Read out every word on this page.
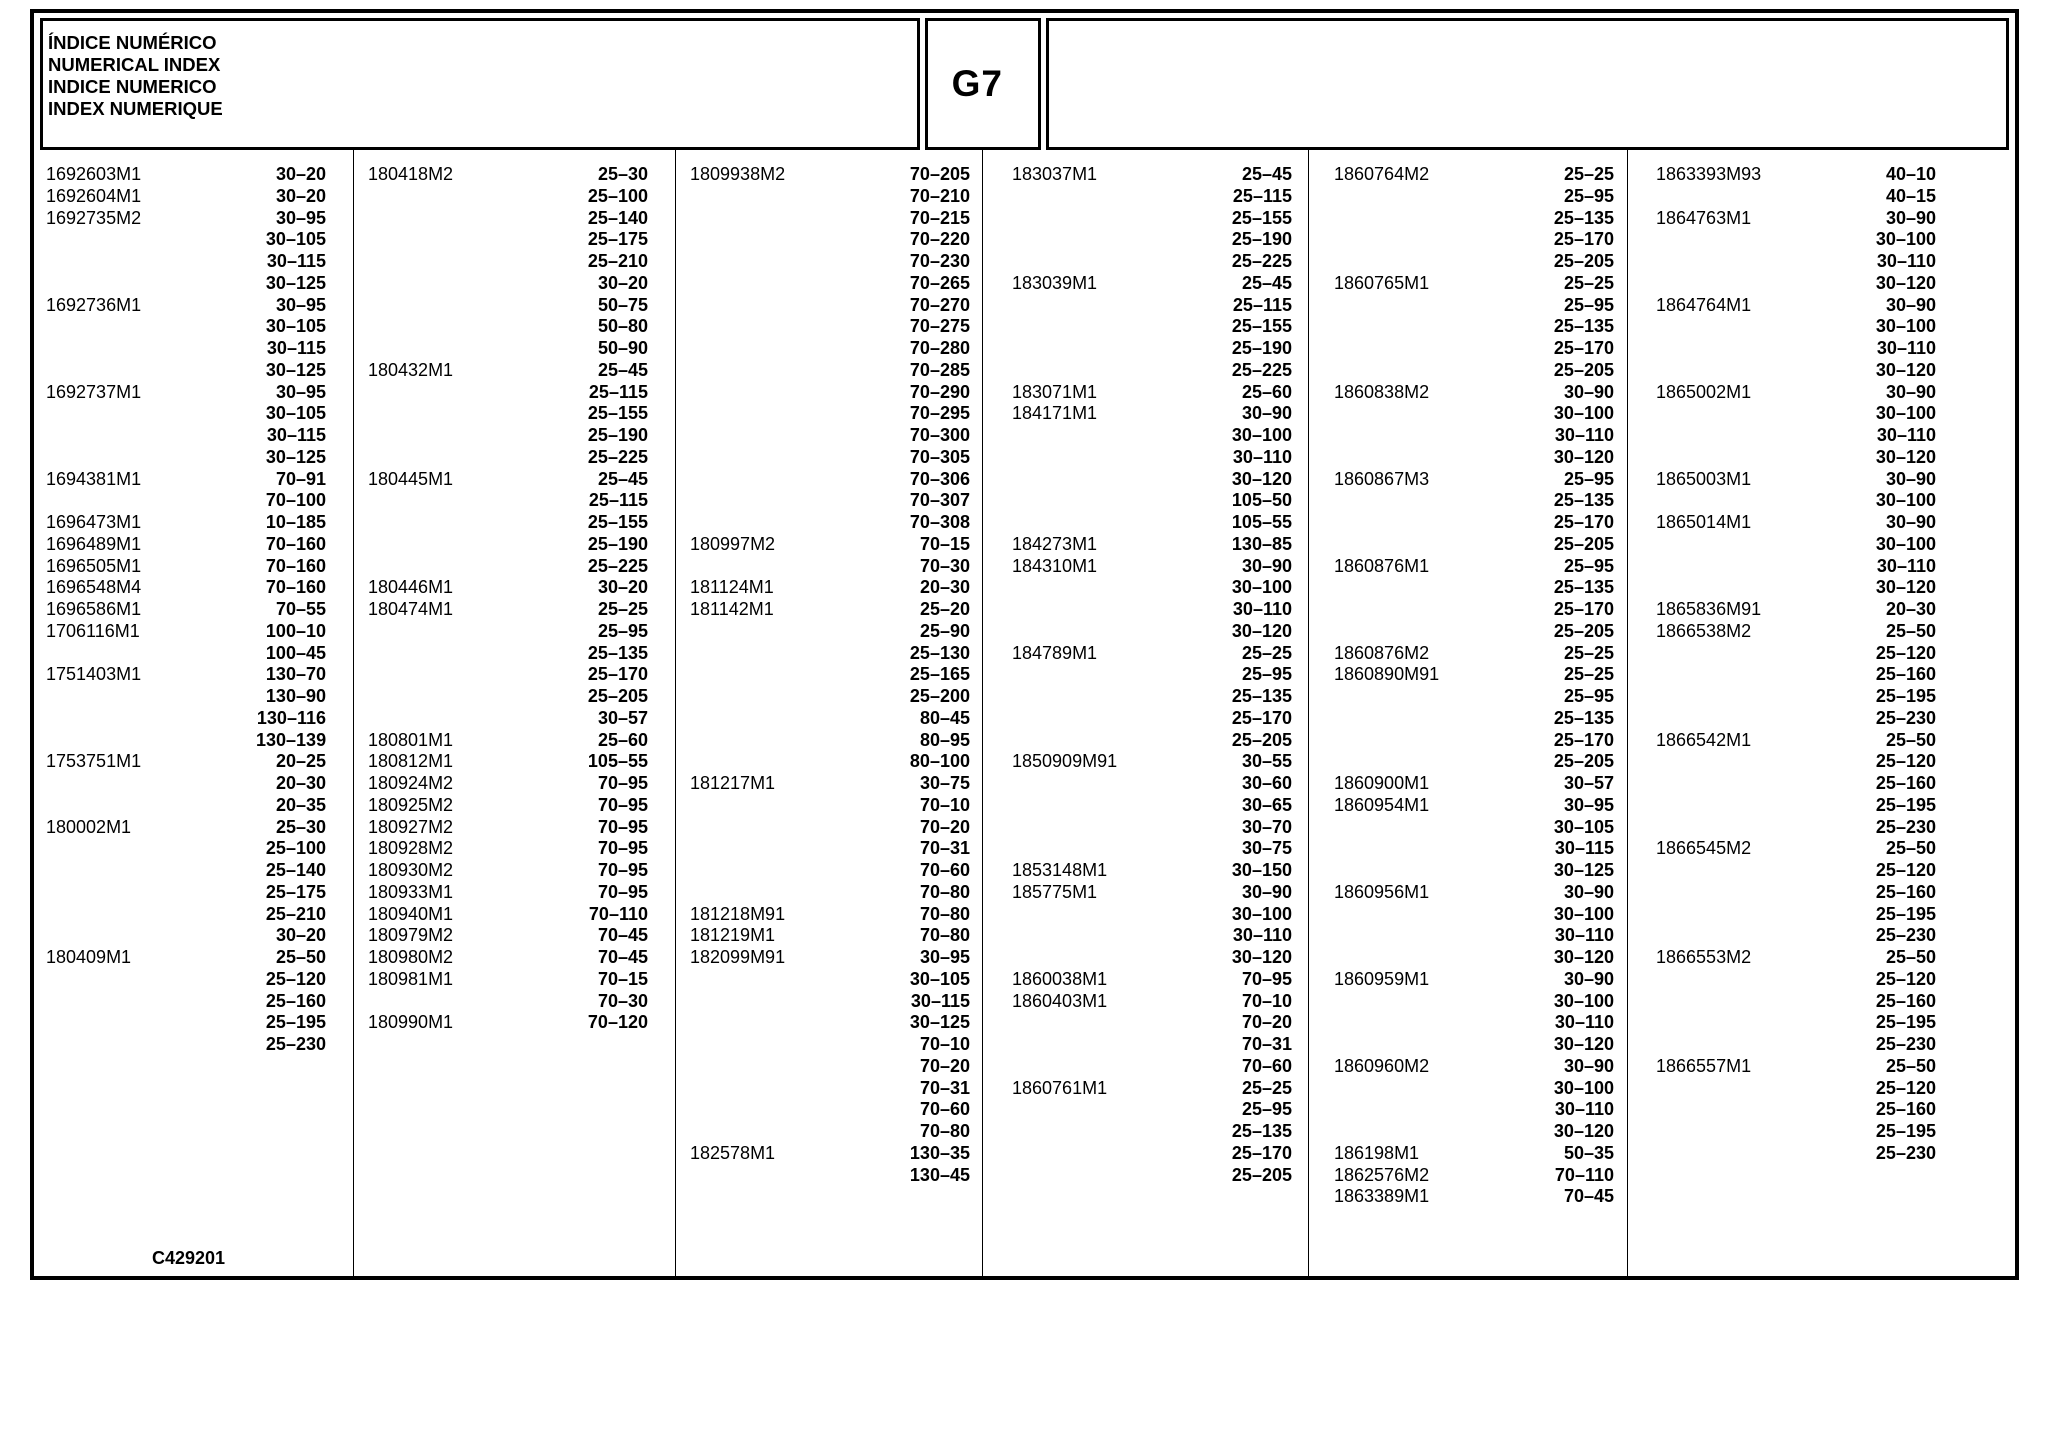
ÍNDICE NUMÉRICO
NUMERICAL INDEX
INDICE NUMERICO
INDEX NUMERIQUE
G7
1692603M1	30–20
1692604M1	30–20
1692735M2	30–95
30–105
30–115
30–125
1692736M1	30–95
30–105
30–115
30–125
1692737M1	30–95
30–105
30–115
30–125
1694381M1	70–91
70–100
1696473M1	10–185
1696489M1	70–160
1696505M1	70–160
1696548M4	70–160
1696586M1	70–55
1706116M1	100–10
100–45
1751403M1	130–70
130–90
130–116
130–139
1753751M1	20–25
20–30
20–35
180002M1	25–30
25–100
25–140
25–175
25–210
30–20
180409M1	25–50
25–120
25–160
25–195
25–230
180418M2	25–30
25–100
25–140
25–175
25–210
30–20
50–75
50–80
50–90
180432M1	25–45
25–115
25–155
25–190
25–225
180445M1	25–45
25–115
25–155
25–190
25–225
180446M1	30–20
180474M1	25–25
25–95
25–135
25–170
25–205
30–57
180801M1	25–60
180812M1	105–55
180924M2	70–95
180925M2	70–95
180927M2	70–95
180928M2	70–95
180930M2	70–95
180933M1	70–95
180940M1	70–110
180979M2	70–45
180980M2	70–45
180981M1	70–15
70–30
180990M1	70–120
1809938M2	70–205
70–210
70–215
70–220
70–230
70–265
70–270
70–275
70–280
70–285
70–290
70–295
70–300
70–305
70–306
70–307
70–308
180997M2	70–15
70–30
181124M1	20–30
181142M1	25–20
25–90
25–130
25–165
25–200
80–45
80–95
80–100
181217M1	30–75
70–10
70–20
70–31
70–60
70–80
181218M91	70–80
181219M1	70–80
182099M91	30–95
30–105
30–115
30–125
70–10
70–20
70–31
70–60
70–80
182578M1	130–35
130–45
183037M1	25–45
25–115
25–155
25–190
25–225
183039M1	25–45
25–115
25–155
25–190
25–225
183071M1	25–60
184171M1	30–90
30–100
30–110
30–120
105–50
105–55
184273M1	130–85
184310M1	30–90
30–100
30–110
30–120
184789M1	25–25
25–95
25–135
25–170
25–205
1850909M91	30–55
30–60
30–65
30–70
30–75
1853148M1	30–150
185775M1	30–90
30–100
30–110
30–120
1860038M1	70–95
1860403M1	70–10
70–20
70–31
70–60
1860761M1	25–25
25–95
25–135
25–170
25–205
1860764M2	25–25
25–95
25–135
25–170
25–205
1860765M1	25–25
25–95
25–135
25–170
25–205
1860838M2	30–90
30–100
30–110
30–120
1860867M3	25–95
25–135
25–170
25–205
1860876M1	25–95
25–135
25–170
25–205
1860876M2	25–25
1860890M91	25–25
25–95
25–135
25–170
25–205
1860900M1	30–57
1860954M1	30–95
30–105
30–115
30–125
1860956M1	30–90
30–100
30–110
30–120
1860959M1	30–90
30–100
30–110
30–120
1860960M2	30–90
30–100
30–110
30–120
186198M1	50–35
1862576M2	70–110
1863389M1	70–45
1863393M93	40–10
40–15
1864763M1	30–90
30–100
30–110
30–120
1864764M1	30–90
30–100
30–110
30–120
1865002M1	30–90
30–100
30–110
30–120
1865003M1	30–90
30–100
1865014M1	30–90
30–100
30–110
30–120
1865836M91	20–30
1866538M2	25–50
25–120
25–160
25–195
25–230
1866542M1	25–50
25–120
25–160
25–195
25–230
1866545M2	25–50
25–120
25–160
25–195
25–230
1866553M2	25–50
25–120
25–160
25–195
25–230
1866557M1	25–50
25–120
25–160
25–195
25–230
C429201
